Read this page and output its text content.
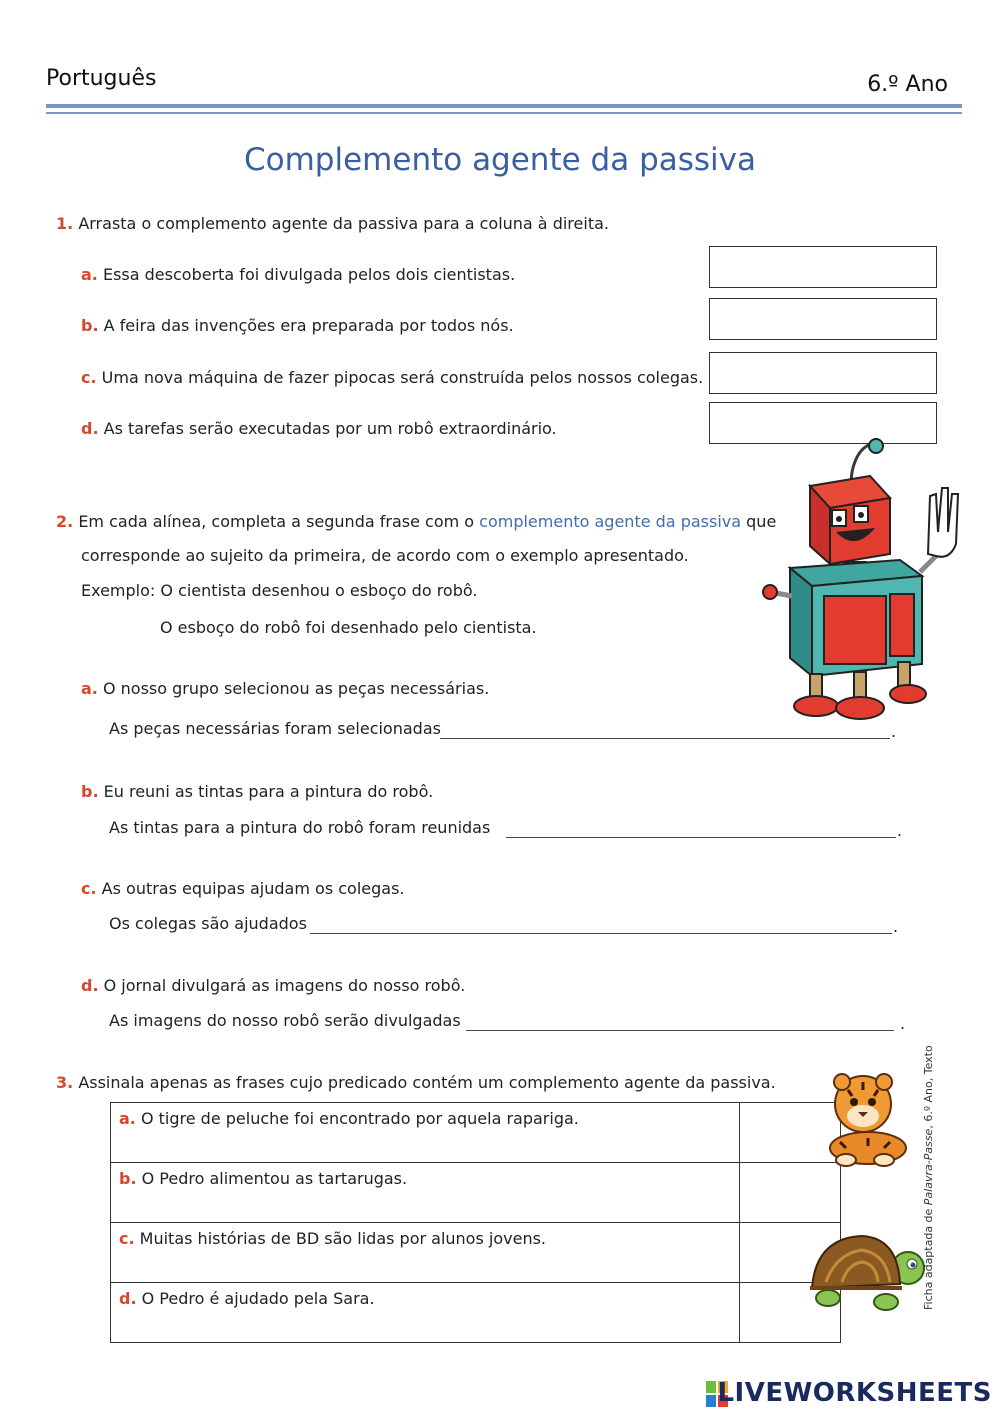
Português	6.º Ano
Complemento agente da passiva
1. Arrasta o complemento agente da passiva para a coluna à direita.
a. Essa descoberta foi divulgada pelos dois cientistas.
b. A feira das invenções era preparada por todos nós.
c. Uma nova máquina de fazer pipocas será construída pelos nossos colegas.
d. As tarefas serão executadas por um robô extraordinário.
2. Em cada alínea, completa a segunda frase com o complemento agente da passiva que
corresponde ao sujeito da primeira, de acordo com o exemplo apresentado.
Exemplo: O cientista desenhou o esboço do robô.
O esboço do robô foi desenhado pelo cientista.
a. O nosso grupo selecionou as peças necessárias.
As peças necessárias foram selecionadas	.
b. Eu reuni as tintas para a pintura do robô.
As tintas para a pintura do robô foram reunidas	.
c. As outras equipas ajudam os colegas.
Os colegas são ajudados	.
d. O jornal divulgará as imagens do nosso robô.
As imagens do nosso robô serão divulgadas	.
3. Assinala apenas as frases cujo predicado contém um complemento agente da passiva.
a. O tigre de peluche foi encontrado por aquela rapariga.	
b. O Pedro alimentou as tartarugas.	
c. Muitas histórias de BD são lidas por alunos jovens.	
d. O Pedro é ajudado pela Sara.		Ficha adaptada de Palavra-Passe, 6.º Ano, Texto
LIVEWORKSHEETS
